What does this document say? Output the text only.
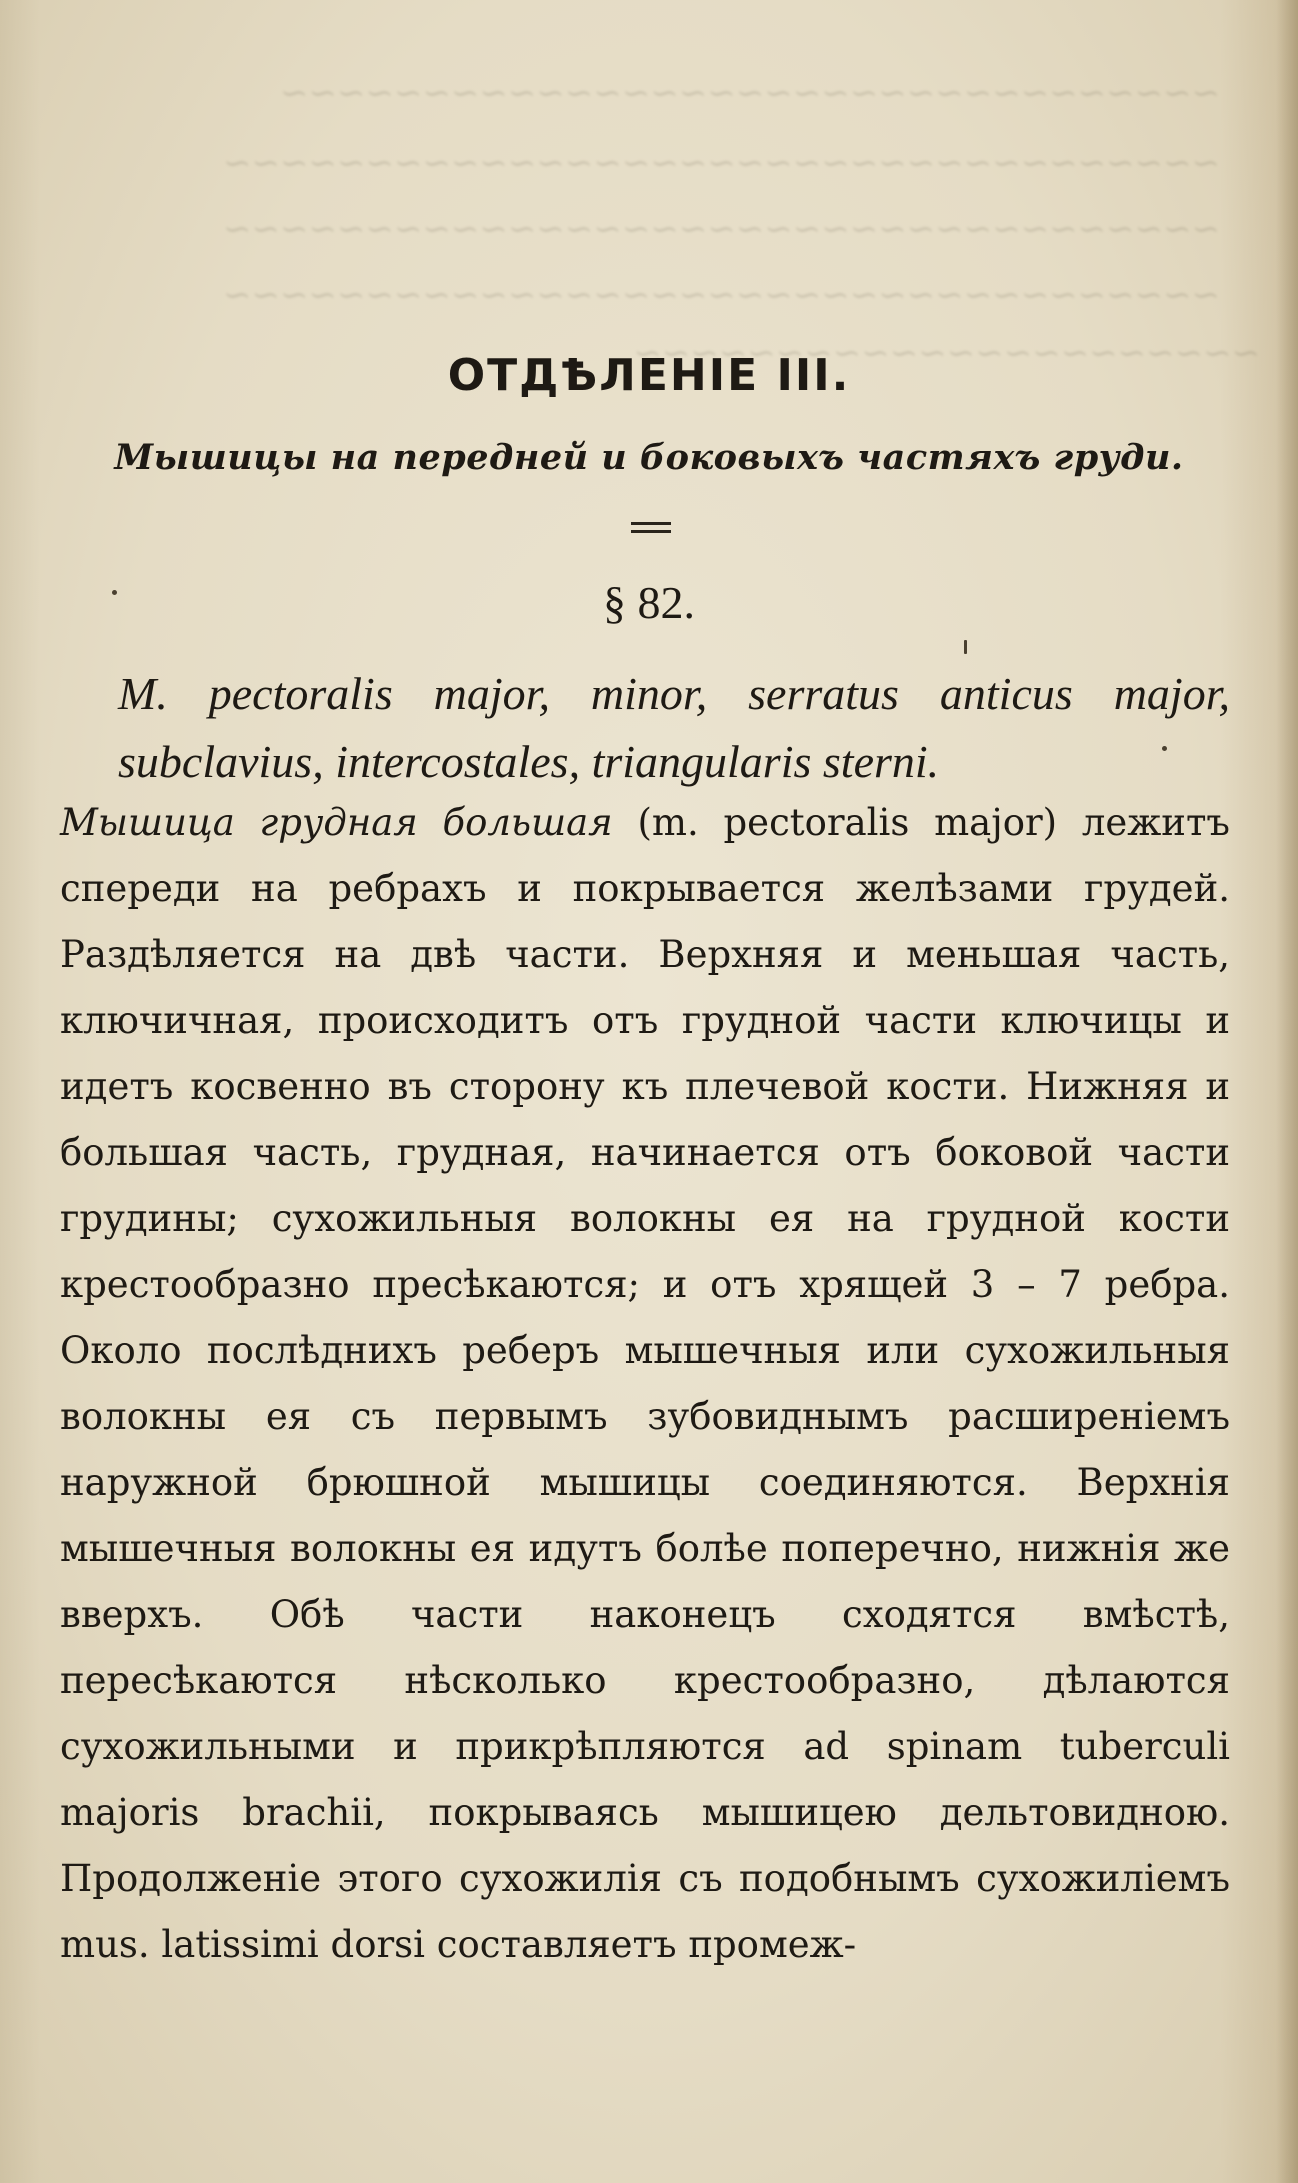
~~~~~~~~~~~~~~~~~~~~~~~~~~~~~~~~~
~~~~~~~~~~~~~~~~~~~~~~~~~~~~~~~~~~~
~~~~~~~~~~~~~~~~~~~~~~~~~~~~~~~~~~~
~~~~~~~~~~~~~~~~~~~~~~~~~~~~~~~~~~~
~~~~~~~~~~~~~~~~~~~~~~
ОТДѢЛЕНІЕ III.
Мышицы на передней и боковыхъ частяхъ груди.
§ 82.
M. pectoralis major, minor, serratus anticus major, subclavius, intercostales, triangularis sterni.
Мышица грудная большая (m. pectoralis major) лежитъ спереди на ребрахъ и покрывается желѣзами грудей. Раздѣляется на двѣ части. Верхняя и меньшая часть, ключичная, происходитъ отъ грудной части ключицы и идетъ косвенно въ сторону къ плечевой кости. Нижняя и большая часть, грудная, начинается отъ боковой части грудины; сухожильныя волокны ея на грудной кости крестообразно пресѣкаются; и отъ хрящей 3 – 7 ребра. Около послѣднихъ реберъ мышечныя или сухожильныя волокны ея съ первымъ зубовиднымъ расширенiемъ наружной брюшной мышицы соединяются. Верхнiя мышечныя волокны ея идутъ болѣе поперечно, нижнiя же вверхъ. Обѣ части наконецъ сходятся вмѣстѣ, пересѣкаются нѣсколько крестообразно, дѣлаются сухожильными и прикрѣпляются ad spinam tuberculi majoris brachii, покрываясь мышицею дельтовидною. Продолженiе этого сухожилiя съ подобнымъ сухожилiемъ mus. latissimi dorsi составляетъ промеж-
